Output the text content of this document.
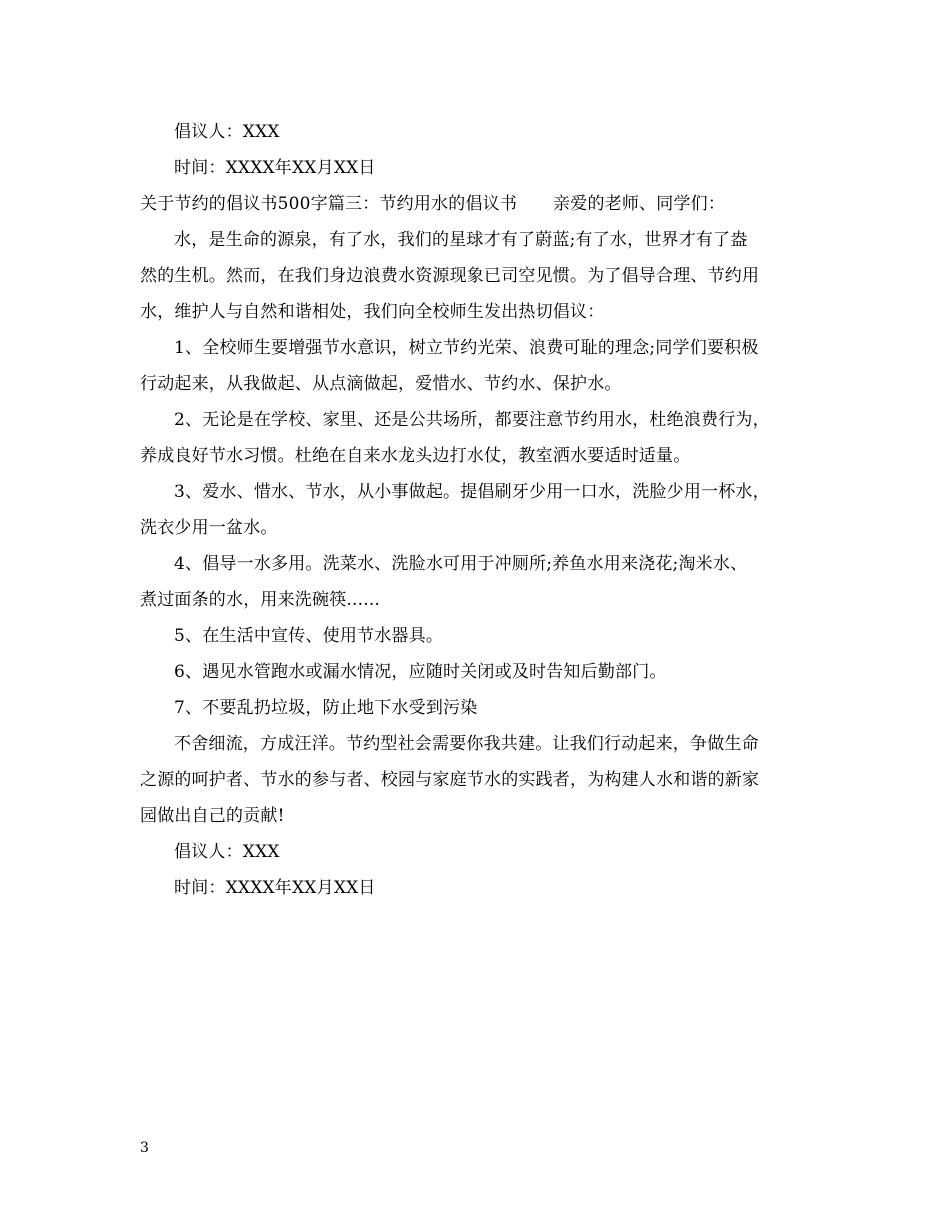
倡议人：XXX
时间：XXXX年XX月XX日
关于节约的倡议书500字篇三：节约用水的倡议书 亲爱的老师、同学们：
水，是生命的源泉，有了水，我们的星球才有了蔚蓝;有了水，世界才有了盎
然的生机。然而，在我们身边浪费水资源现象已司空见惯。为了倡导合理、节约用
水，维护人与自然和谐相处，我们向全校师生发出热切倡议：
1、全校师生要增强节水意识，树立节约光荣、浪费可耻的理念;同学们要积极
行动起来，从我做起、从点滴做起，爱惜水、节约水、保护水。
2、无论是在学校、家里、还是公共场所，都要注意节约用水，杜绝浪费行为，
养成良好节水习惯。杜绝在自来水龙头边打水仗，教室洒水要适时适量。
3、爱水、惜水、节水，从小事做起。提倡刷牙少用一口水，洗脸少用一杯水，
洗衣少用一盆水。
4、倡导一水多用。洗菜水、洗脸水可用于冲厕所;养鱼水用来浇花;淘米水、
煮过面条的水，用来洗碗筷......
5、在生活中宣传、使用节水器具。
6、遇见水管跑水或漏水情况，应随时关闭或及时告知后勤部门。
7、不要乱扔垃圾，防止地下水受到污染
不舍细流，方成汪洋。节约型社会需要你我共建。让我们行动起来，争做生命
之源的呵护者、节水的参与者、校园与家庭节水的实践者，为构建人水和谐的新家
园做出自己的贡献!
倡议人：XXX
时间：XXXX年XX月XX日
3
